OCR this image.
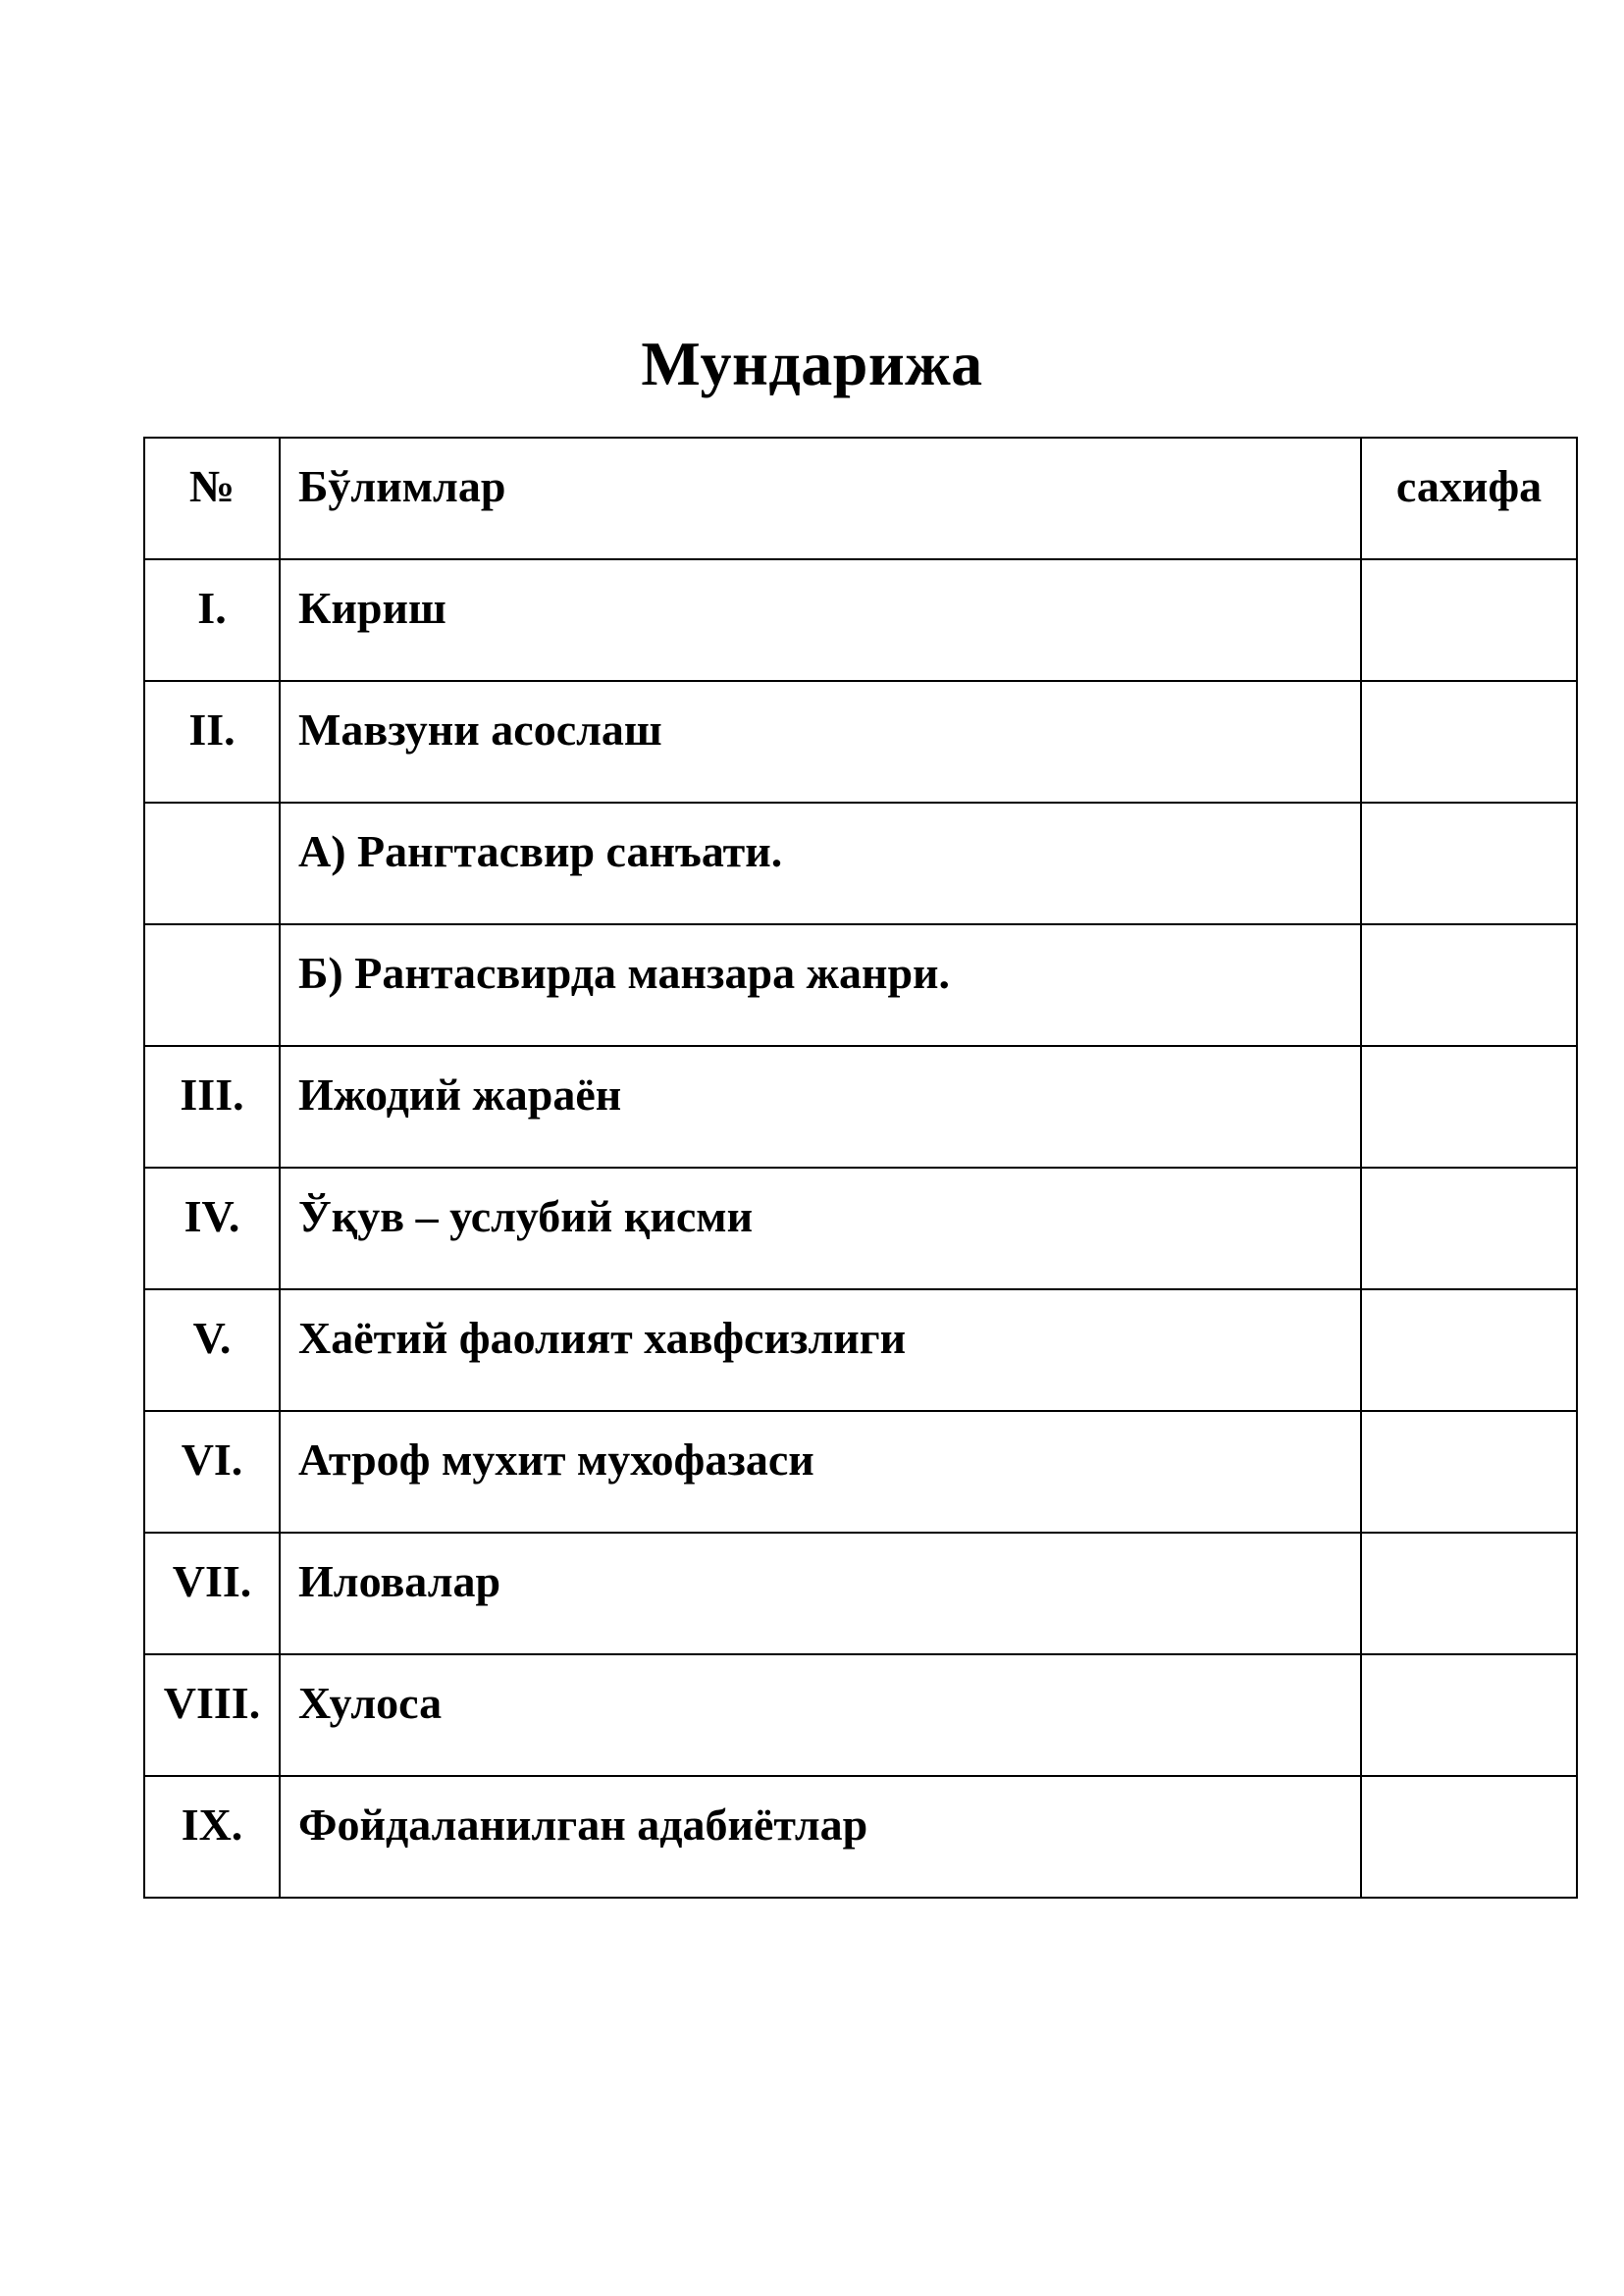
Мундарижа
№	Бўлимлар	сахифа

I.	Кириш	

II.	Мавзуни асослаш	

	А) Рангтасвир санъати.	

	Б) Рантасвирда манзара жанри.	

III.	Ижодий жараён	

IV.	Ўқув – услубий қисми	

V.	Хаётий фаолият хавфсизлиги	

VI.	Атроф мухит мухофазаси	

VII.	Иловалар	

VIII.	Хулоса	

IX.	Фойдаланилган адабиётлар	
